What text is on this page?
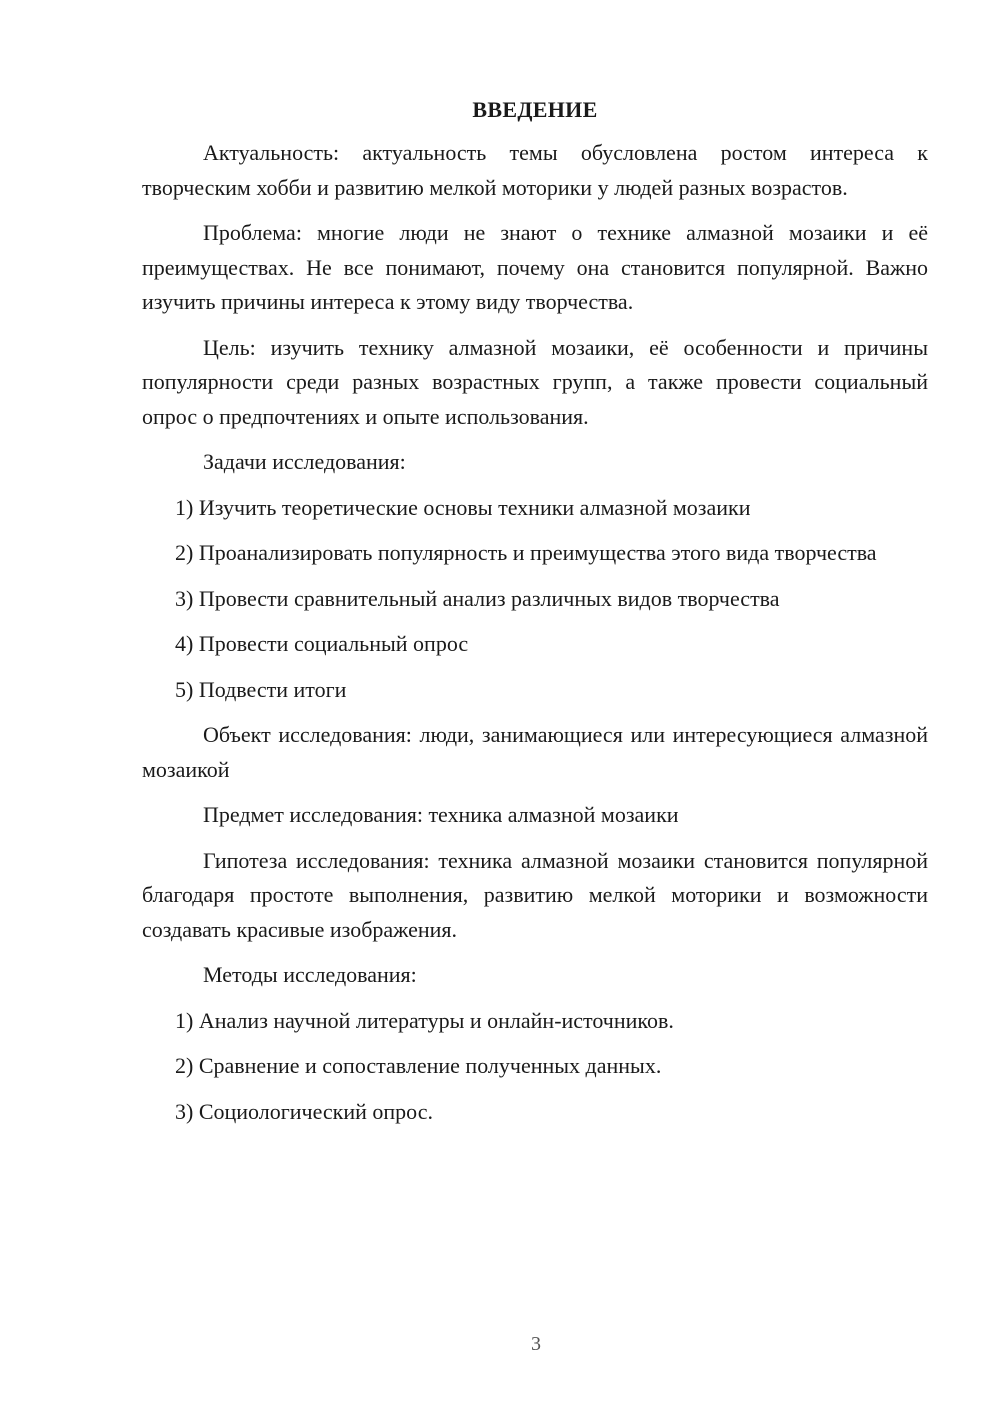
ВВЕДЕНИЕ

Актуальность: актуальность темы обусловлена ростом интереса к творческим хобби и развитию мелкой моторики у людей разных возрастов.

Проблема: многие люди не знают о технике алмазной мозаики и её преимуществах. Не все понимают, почему она становится популярной. Важно изучить причины интереса к этому виду творчества.

Цель: изучить технику алмазной мозаики, её особенности и причины популярности среди разных возрастных групп, а также провести социальный опрос о предпочтениях и опыте использования.

Задачи исследования:

1) Изучить теоретические основы техники алмазной мозаики

2) Проанализировать популярность и преимущества этого вида творчества

3) Провести сравнительный анализ различных видов творчества

4) Провести социальный опрос

5) Подвести итоги

Объект исследования: люди, занимающиеся или интересующиеся алмазной мозаикой

Предмет исследования: техника алмазной мозаики

Гипотеза исследования: техника алмазной мозаики становится популярной благодаря простоте выполнения, развитию мелкой моторики и возможности создавать красивые изображения.

Методы исследования:

1) Анализ научной литературы и онлайн-источников.

2) Сравнение и сопоставление полученных данных.

3) Социологический опрос.

3
